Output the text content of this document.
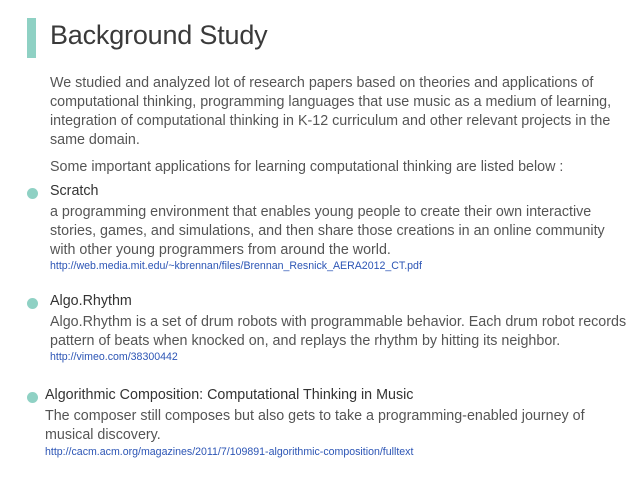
Background Study

We studied and analyzed lot of research papers based on theories and applications of computational thinking, programming languages that use music as a medium of learning, integration of computational thinking in K-12 curriculum and other relevant projects in the same domain.

Some important applications for learning computational thinking are listed below :

Scratch

a programming environment that enables young people to create their own interactive stories, games, and simulations, and then share those creations in an online community with other young programmers from around the world.

http://web.media.mit.edu/~kbrennan/files/Brennan_Resnick_AERA2012_CT.pdf
Algo.Rhythm

Algo.Rhythm is a set of drum robots with programmable behavior. Each drum robot records pattern of beats when knocked on, and replays the rhythm by hitting its neighbor.

http://vimeo.com/38300442
Algorithmic Composition: Computational Thinking in Music

The composer still composes but also gets to take a programming-enabled journey of musical discovery.

http://cacm.acm.org/magazines/2011/7/109891-algorithmic-composition/fulltext
